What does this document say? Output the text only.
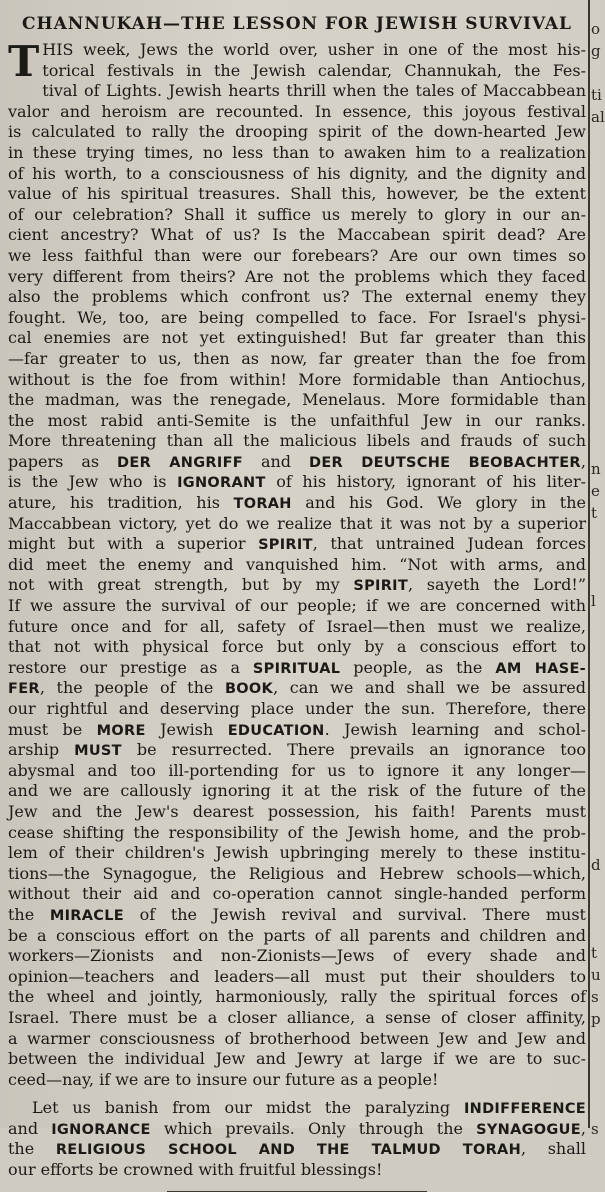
CHANNUKAH—THE LESSON FOR JEWISH SURVIVAL
T HIS week, Jews the world over, usher in one of the most his-
torical festivals in the Jewish calendar, Channukah, the Fes-
tival of Lights. Jewish hearts thrill when the tales of Maccabbean
valor and heroism are recounted. In essence, this joyous festival
is calculated to rally the drooping spirit of the down-hearted Jew
in these trying times, no less than to awaken him to a realization
of his worth, to a consciousness of his dignity, and the dignity and
value of his spiritual treasures. Shall this, however, be the extent
of our celebration? Shall it suffice us merely to glory in our an-
cient ancestry? What of us? Is the Maccabean spirit dead? Are
we less faithful than were our forebears? Are our own times so
very different from theirs? Are not the problems which they faced
also the problems which confront us? The external enemy they
fought. We, too, are being compelled to face. For Israel's physi-
cal enemies are not yet extinguished! But far greater than this
—far greater to us, then as now, far greater than the foe from
without is the foe from within! More formidable than Antiochus,
the madman, was the renegade, Menelaus. More formidable than
the most rabid anti-Semite is the unfaithful Jew in our ranks.
More threatening than all the malicious libels and frauds of such
papers as DER ANGRIFF and DER DEUTSCHE BEOBACHTER,
is the Jew who is IGNORANT of his history, ignorant of his liter-
ature, his tradition, his TORAH and his God. We glory in the
Maccabbean victory, yet do we realize that it was not by a superior
might but with a superior SPIRIT, that untrained Judean forces
did meet the enemy and vanquished him. “Not with arms, and
not with great strength, but by my SPIRIT, sayeth the Lord!”
If we assure the survival of our people; if we are concerned with
future once and for all, safety of Israel—then must we realize,
that not with physical force but only by a conscious effort to
restore our prestige as a SPIRITUAL people, as the AM HASE-
FER, the people of the BOOK, can we and shall we be assured
our rightful and deserving place under the sun. Therefore, there
must be MORE Jewish EDUCATION. Jewish learning and schol-
arship MUST be resurrected. There prevails an ignorance too
abysmal and too ill-portending for us to ignore it any longer—
and we are callously ignoring it at the risk of the future of the
Jew and the Jew's dearest possession, his faith! Parents must
cease shifting the responsibility of the Jewish home, and the prob-
lem of their children's Jewish upbringing merely to these institu-
tions—the Synagogue, the Religious and Hebrew schools—which,
without their aid and co-operation cannot single-handed perform
the MIRACLE of the Jewish revival and survival. There must
be a conscious effort on the parts of all parents and children and
workers—Zionists and non-Zionists—Jews of every shade and
opinion—teachers and leaders—all must put their shoulders to
the wheel and jointly, harmoniously, rally the spiritual forces of
Israel. There must be a closer alliance, a sense of closer affinity,
a warmer consciousness of brotherhood between Jew and Jew and
between the individual Jew and Jewry at large if we are to suc-
ceed—nay, if we are to insure our future as a people!
Let us banish from our midst the paralyzing INDIFFERENCE
and IGNORANCE which prevails. Only through the SYNAGOGUE,
the RELIGIOUS SCHOOL AND THE TALMUD TORAH, shall
our efforts be crowned with fruitful blessings!
o
g

ti
al

n
e
t

l

d

t
u
s
p

s
